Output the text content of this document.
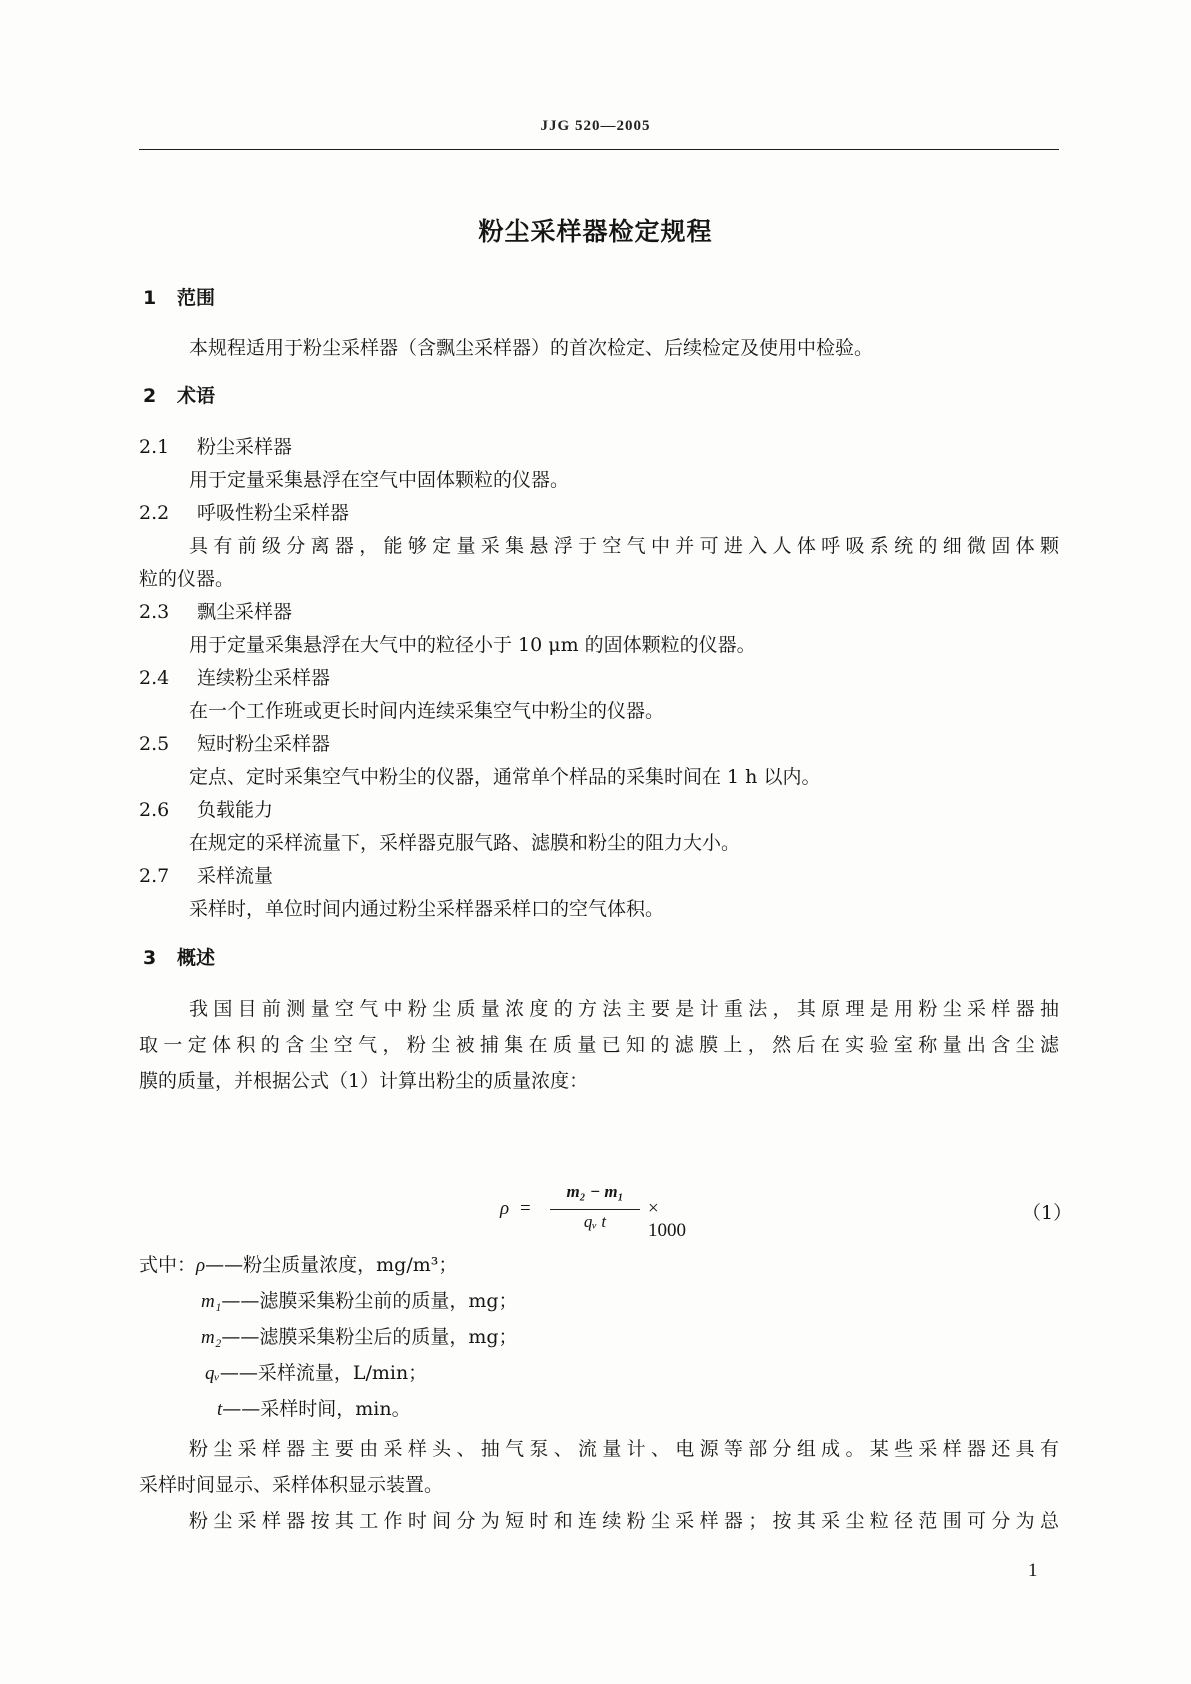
JJG 520—2005
粉尘采样器检定规程
1 范围
本规程适用于粉尘采样器（含飘尘采样器）的首次检定、后续检定及使用中检验。
2 术语
2.1 粉尘采样器
用于定量采集悬浮在空气中固体颗粒的仪器。
2.2 呼吸性粉尘采样器
具有前级分离器，能够定量采集悬浮于空气中并可进入人体呼吸系统的细微固体颗
粒的仪器。
2.3 飘尘采样器
用于定量采集悬浮在大气中的粒径小于 10 μm 的固体颗粒的仪器。
2.4 连续粉尘采样器
在一个工作班或更长时间内连续采集空气中粉尘的仪器。
2.5 短时粉尘采样器
定点、定时采集空气中粉尘的仪器，通常单个样品的采集时间在 1 h 以内。
2.6 负载能力
在规定的采样流量下，采样器克服气路、滤膜和粉尘的阻力大小。
2.7 采样流量
采样时，单位时间内通过粉尘采样器采样口的空气体积。
3 概述
我国目前测量空气中粉尘质量浓度的方法主要是计重法，其原理是用粉尘采样器抽
取一定体积的含尘空气，粉尘被捕集在质量已知的滤膜上，然后在实验室称量出含尘滤
膜的质量，并根据公式（1）计算出粉尘的质量浓度：
ρ =
m₂ − m₁
qᵥ t
× 1000
（1）
式中：ρ——粉尘质量浓度，mg/m³；
m₁——滤膜采集粉尘前的质量，mg；
m₂——滤膜采集粉尘后的质量，mg；
qᵥ——采样流量，L/min；
t——采样时间，min。
粉尘采样器主要由采样头、抽气泵、流量计、电源等部分组成。某些采样器还具有
采样时间显示、采样体积显示装置。
粉尘采样器按其工作时间分为短时和连续粉尘采样器；按其采尘粒径范围可分为总
1
